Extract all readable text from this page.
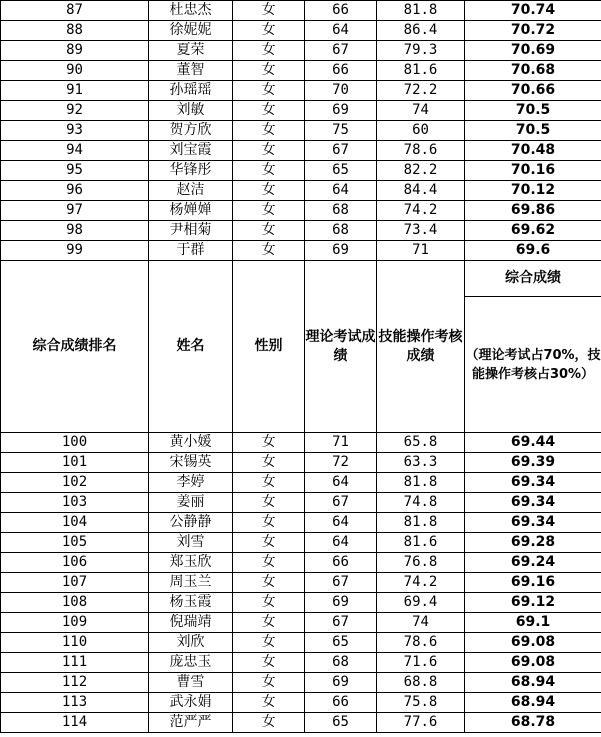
87	杜忠杰	女	66	81.8	70.74
88	徐妮妮	女	64	86.4	70.72
89	夏荣	女	67	79.3	70.69
90	董智	女	66	81.6	70.68
91	孙瑶瑶	女	70	72.2	70.66
92	刘敏	女	69	74	70.5
93	贺方欣	女	75	60	70.5
94	刘宝霞	女	67	78.6	70.48
95	华锋彤	女	65	82.2	70.16
96	赵洁	女	64	84.4	70.12
97	杨婵婵	女	68	74.2	69.86
98	尹相菊	女	68	73.4	69.62
99	于群	女	69	71	69.6
综合成绩排名	姓名	性别	理论考试成绩	技能操作考核成绩	综合成绩
					（理论考试占70%，技能操作考核占30%）
100	黄小媛	女	71	65.8	69.44
101	宋锡英	女	72	63.3	69.39
102	李婷	女	64	81.8	69.34
103	姜丽	女	67	74.8	69.34
104	公静静	女	64	81.8	69.34
105	刘雪	女	64	81.6	69.28
106	郑玉欣	女	66	76.8	69.24
107	周玉兰	女	67	74.2	69.16
108	杨玉霞	女	69	69.4	69.12
109	倪瑞靖	女	67	74	69.1
110	刘欣	女	65	78.6	69.08
111	庞忠玉	女	68	71.6	69.08
112	曹雪	女	69	68.8	68.94
113	武永娟	女	66	75.8	68.94
114	范严严	女	65	77.6	68.78
